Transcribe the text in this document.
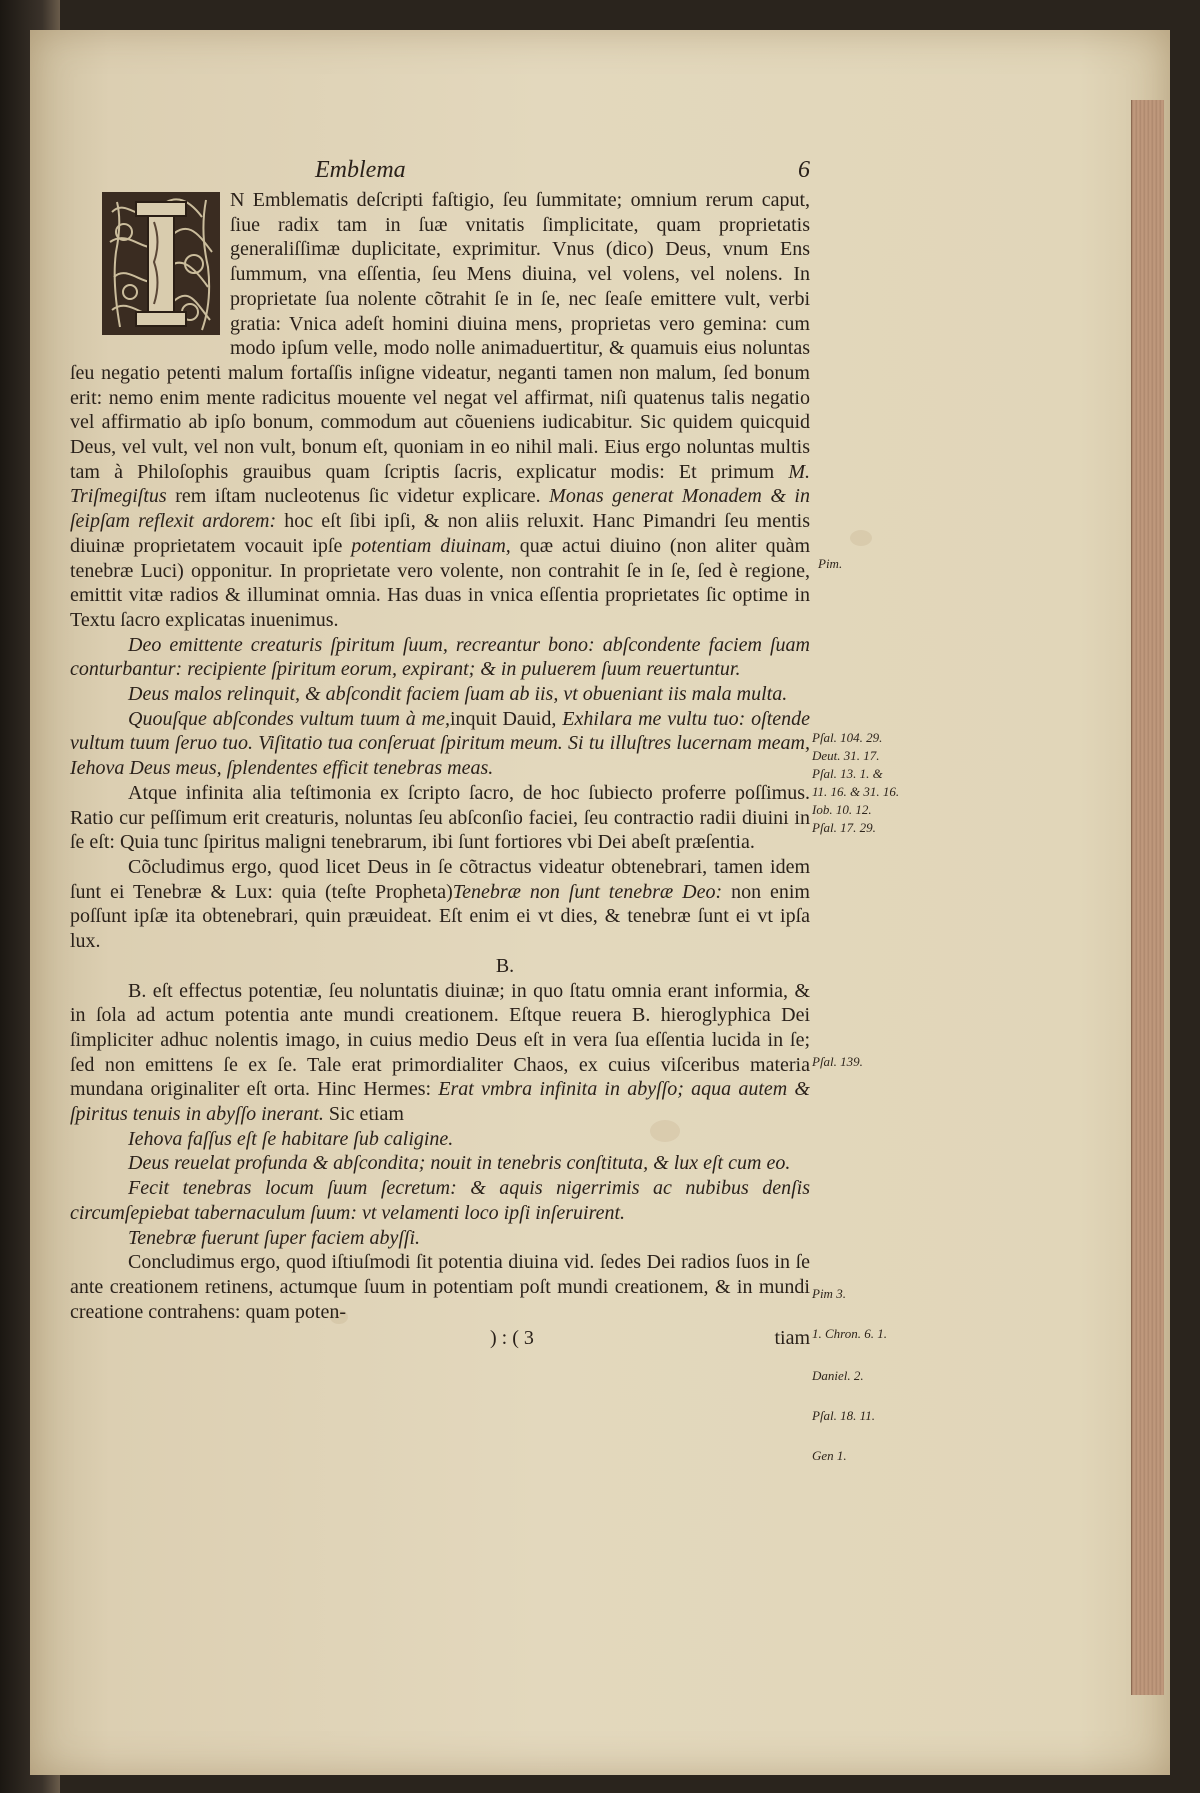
Emblema	6

N Emblematis deſcripti faſtigio, ſeu ſummitate; omnium rerum caput, ſiue radix tam in ſuæ vnitatis ſimplicitate, quam proprietatis generaliſſimæ duplicitate, exprimitur. Vnus (dico) Deus, vnum Ens ſummum, vna eſſentia, ſeu Mens diuina, vel volens, vel nolens. In proprietate ſua nolente cõtrahit ſe in ſe, nec ſeaſe emittere vult, verbi gratia: Vnica adeſt homini diuina mens, proprietas vero gemina: cum modo ipſum velle, modo nolle animaduertitur, & quamuis eius noluntas ſeu negatio petenti malum fortaſſis inſigne videatur, neganti tamen non malum, ſed bonum erit: nemo enim mente radicitus mouente vel negat vel affirmat, niſi quatenus talis negatio vel affirmatio ab ipſo bonum, commodum aut cõueniens iudicabitur. Sic quidem quicquid Deus, vel vult, vel non vult, bonum eſt, quoniam in eo nihil mali. Eius ergo noluntas multis tam à Philoſophis grauibus quam ſcriptis ſacris, explicatur modis: Et primum M. Triſmegiſtus rem iſtam nucleotenus ſic videtur explicare. Monas generat Monadem & in ſeipſam reflexit ardorem: hoc eſt ſibi ipſi, & non aliis reluxit. Hanc Pimandri ſeu mentis diuinæ proprietatem vocauit ipſe potentiam diuinam, quæ actui diuino (non aliter quàm tenebræ Luci) opponitur. In proprietate vero volente, non contrahit ſe in ſe, ſed è regione, emittit vitæ radios & illuminat omnia. Has duas in vnica eſſentia proprietates ſic optime in Textu ſacro explicatas inuenimus.

Deo emittente creaturis ſpiritum ſuum, recreantur bono: abſcondente faciem ſuam conturbantur: recipiente ſpiritum eorum, expirant; & in puluerem ſuum reuertuntur.

Deus malos relinquit, & abſcondit faciem ſuam ab iis, vt obueniant iis mala multa.

Quouſque abſcondes vultum tuum à me,inquit Dauid, Exhilara me vultu tuo: oſtende vultum tuum ſeruo tuo. Viſitatio tua conſeruat ſpiritum meum. Si tu illuſtres lucernam meam, Iehova Deus meus, ſplendentes efficit tenebras meas.

Atque infinita alia teſtimonia ex ſcripto ſacro, de hoc ſubiecto proferre poſſimus. Ratio cur peſſimum erit creaturis, noluntas ſeu abſconſio faciei, ſeu contractio radii diuini in ſe eſt: Quia tunc ſpiritus maligni tenebrarum, ibi ſunt fortiores vbi Dei abeſt præſentia.

Cõcludimus ergo, quod licet Deus in ſe cõtractus videatur obtenebrari, tamen idem ſunt ei Tenebræ & Lux: quia (teſte Propheta)Tenebræ non ſunt tenebræ Deo: non enim poſſunt ipſæ ita obtenebrari, quin præuideat. Eſt enim ei vt dies, & tenebræ ſunt ei vt ipſa lux.

B.

B. eſt effectus potentiæ, ſeu noluntatis diuinæ; in quo ſtatu omnia erant informia, & in ſola ad actum potentia ante mundi creationem. Eſtque reuera B. hieroglyphica Dei ſimpliciter adhuc nolentis imago, in cuius medio Deus eſt in vera ſua eſſentia lucida in ſe; ſed non emittens ſe ex ſe. Tale erat primordialiter Chaos, ex cuius viſceribus materia mundana originaliter eſt orta. Hinc Hermes: Erat vmbra infinita in abyſſo; aqua autem & ſpiritus tenuis in abyſſo inerant. Sic etiam

Iehova faſſus eſt ſe habitare ſub caligine.

Deus reuelat profunda & abſcondita; nouit in tenebris conſtituta, & lux eſt cum eo.

Fecit tenebras locum ſuum ſecretum: & aquis nigerrimis ac nubibus denſis circumſepiebat tabernaculum ſuum: vt velamenti loco ipſi inſeruirent.

Tenebræ fuerunt ſuper faciem abyſſi.

Concludimus ergo, quod iſtiuſmodi ſit potentia diuina vid. ſedes Dei radios ſuos in ſe ante creationem retinens, actumque ſuum in potentiam poſt mundi creationem, & in mundi creatione contrahens: quam poten-

) : ( 3	tiam
Pim.
Pſal. 104. 29.
Deut. 31. 17.
Pſal. 13. 1. &
11. 16. & 31. 16.
Iob. 10. 12.
Pſal. 17. 29.
Pſal. 139.
Pim 3.
1. Chron. 6. 1.
Daniel. 2.
Pſal. 18. 11.
Gen 1.
